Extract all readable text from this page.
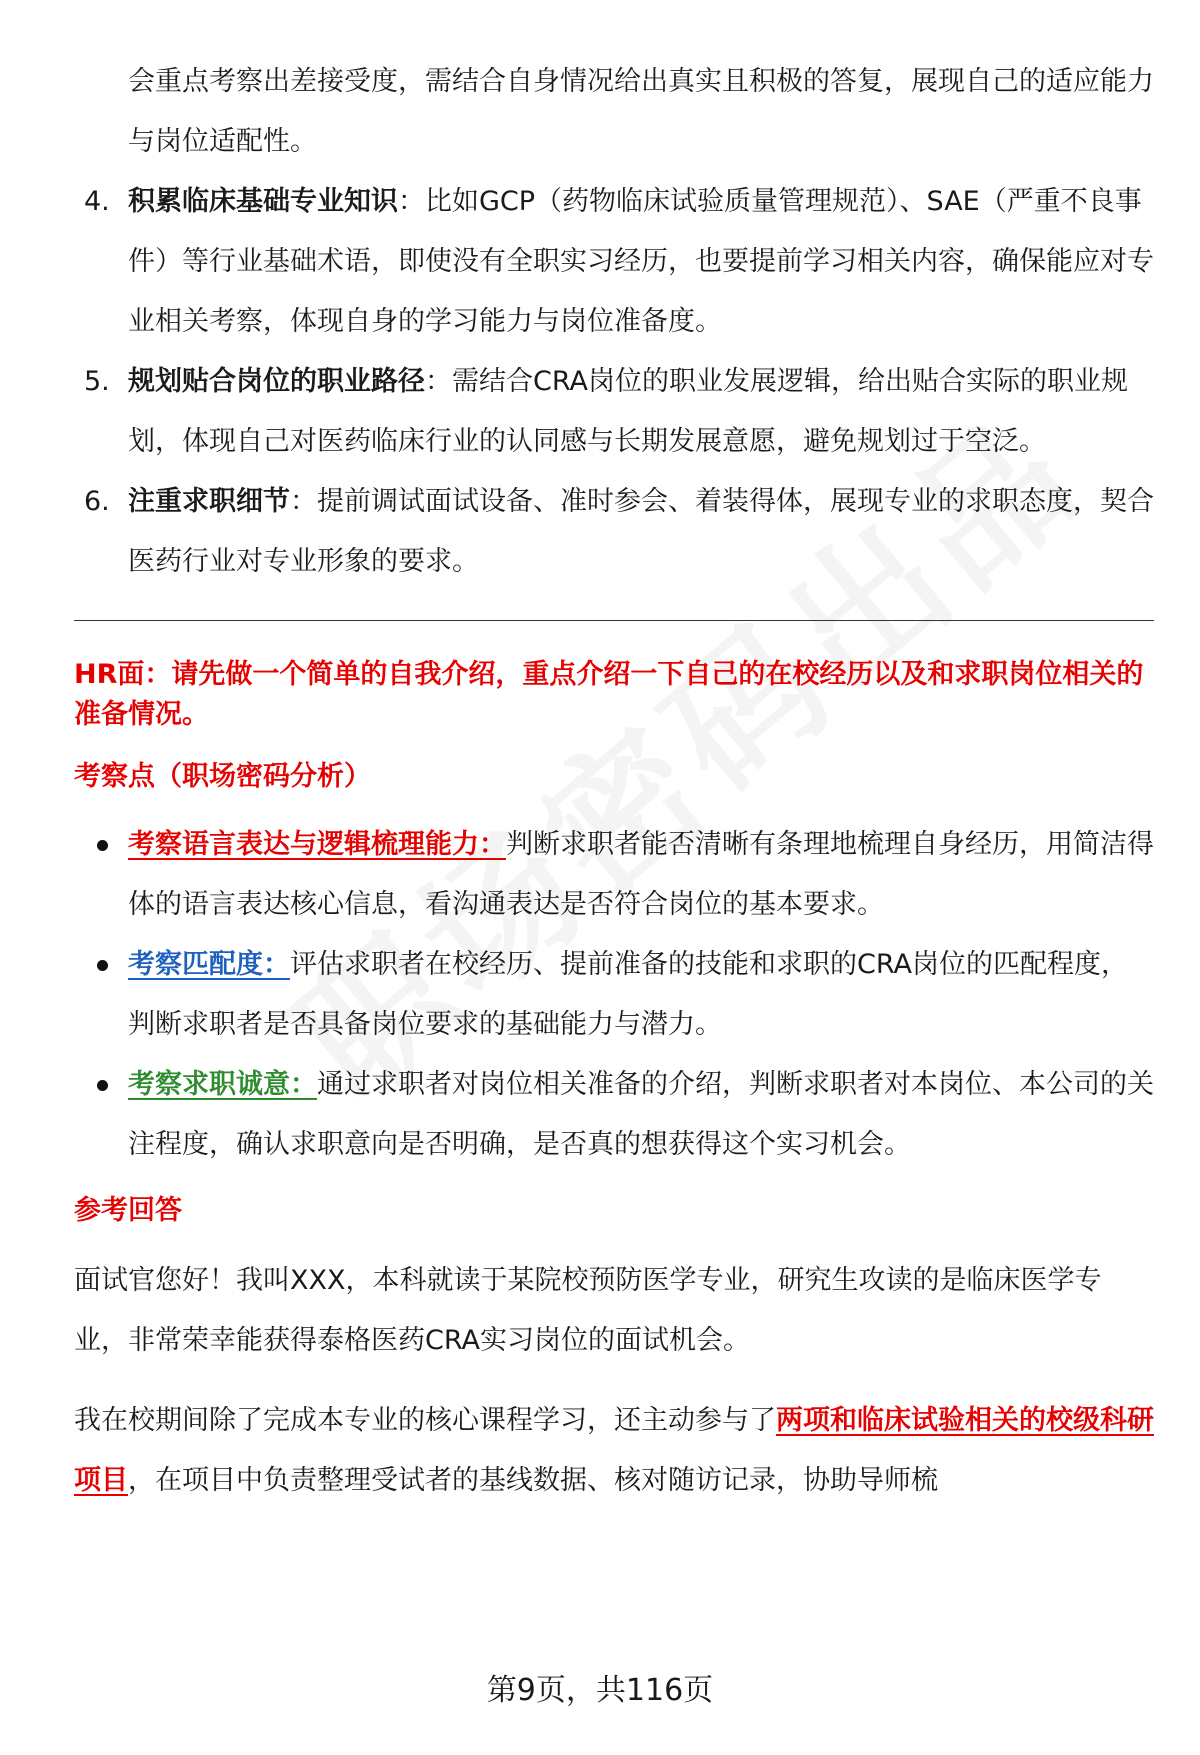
会重点考察出差接受度，需结合自身情况给出真实且积极的答复，展现自己的适应能力与岗位适配性。

4. 积累临床基础专业知识：比如GCP（药物临床试验质量管理规范）、SAE（严重不良事件）等行业基础术语，即使没有全职实习经历，也要提前学习相关内容，确保能应对专业相关考察，体现自身的学习能力与岗位准备度。
5. 规划贴合岗位的职业路径：需结合CRA岗位的职业发展逻辑，给出贴合实际的职业规划，体现自己对医药临床行业的认同感与长期发展意愿，避免规划过于空泛。
6. 注重求职细节：提前调试面试设备、准时参会、着装得体，展现专业的求职态度，契合医药行业对专业形象的要求。

HR面：请先做一个简单的自我介绍，重点介绍一下自己的在校经历以及和求职岗位相关的准备情况。

考察点（职场密码分析）

考察语言表达与逻辑梳理能力：判断求职者能否清晰有条理地梳理自身经历，用简洁得体的语言表达核心信息，看沟通表达是否符合岗位的基本要求。
考察匹配度：评估求职者在校经历、提前准备的技能和求职的CRA岗位的匹配程度，判断求职者是否具备岗位要求的基础能力与潜力。
考察求职诚意：通过求职者对岗位相关准备的介绍，判断求职者对本岗位、本公司的关注程度，确认求职意向是否明确，是否真的想获得这个实习机会。

参考回答

面试官您好！我叫XXX，本科就读于某院校预防医学专业，研究生攻读的是临床医学专业，非常荣幸能获得泰格医药CRA实习岗位的面试机会。

我在校期间除了完成本专业的核心课程学习，还主动参与了两项和临床试验相关的校级科研项目，在项目中负责整理受试者的基线数据、核对随访记录，协助导师梳

第9页，共116页
